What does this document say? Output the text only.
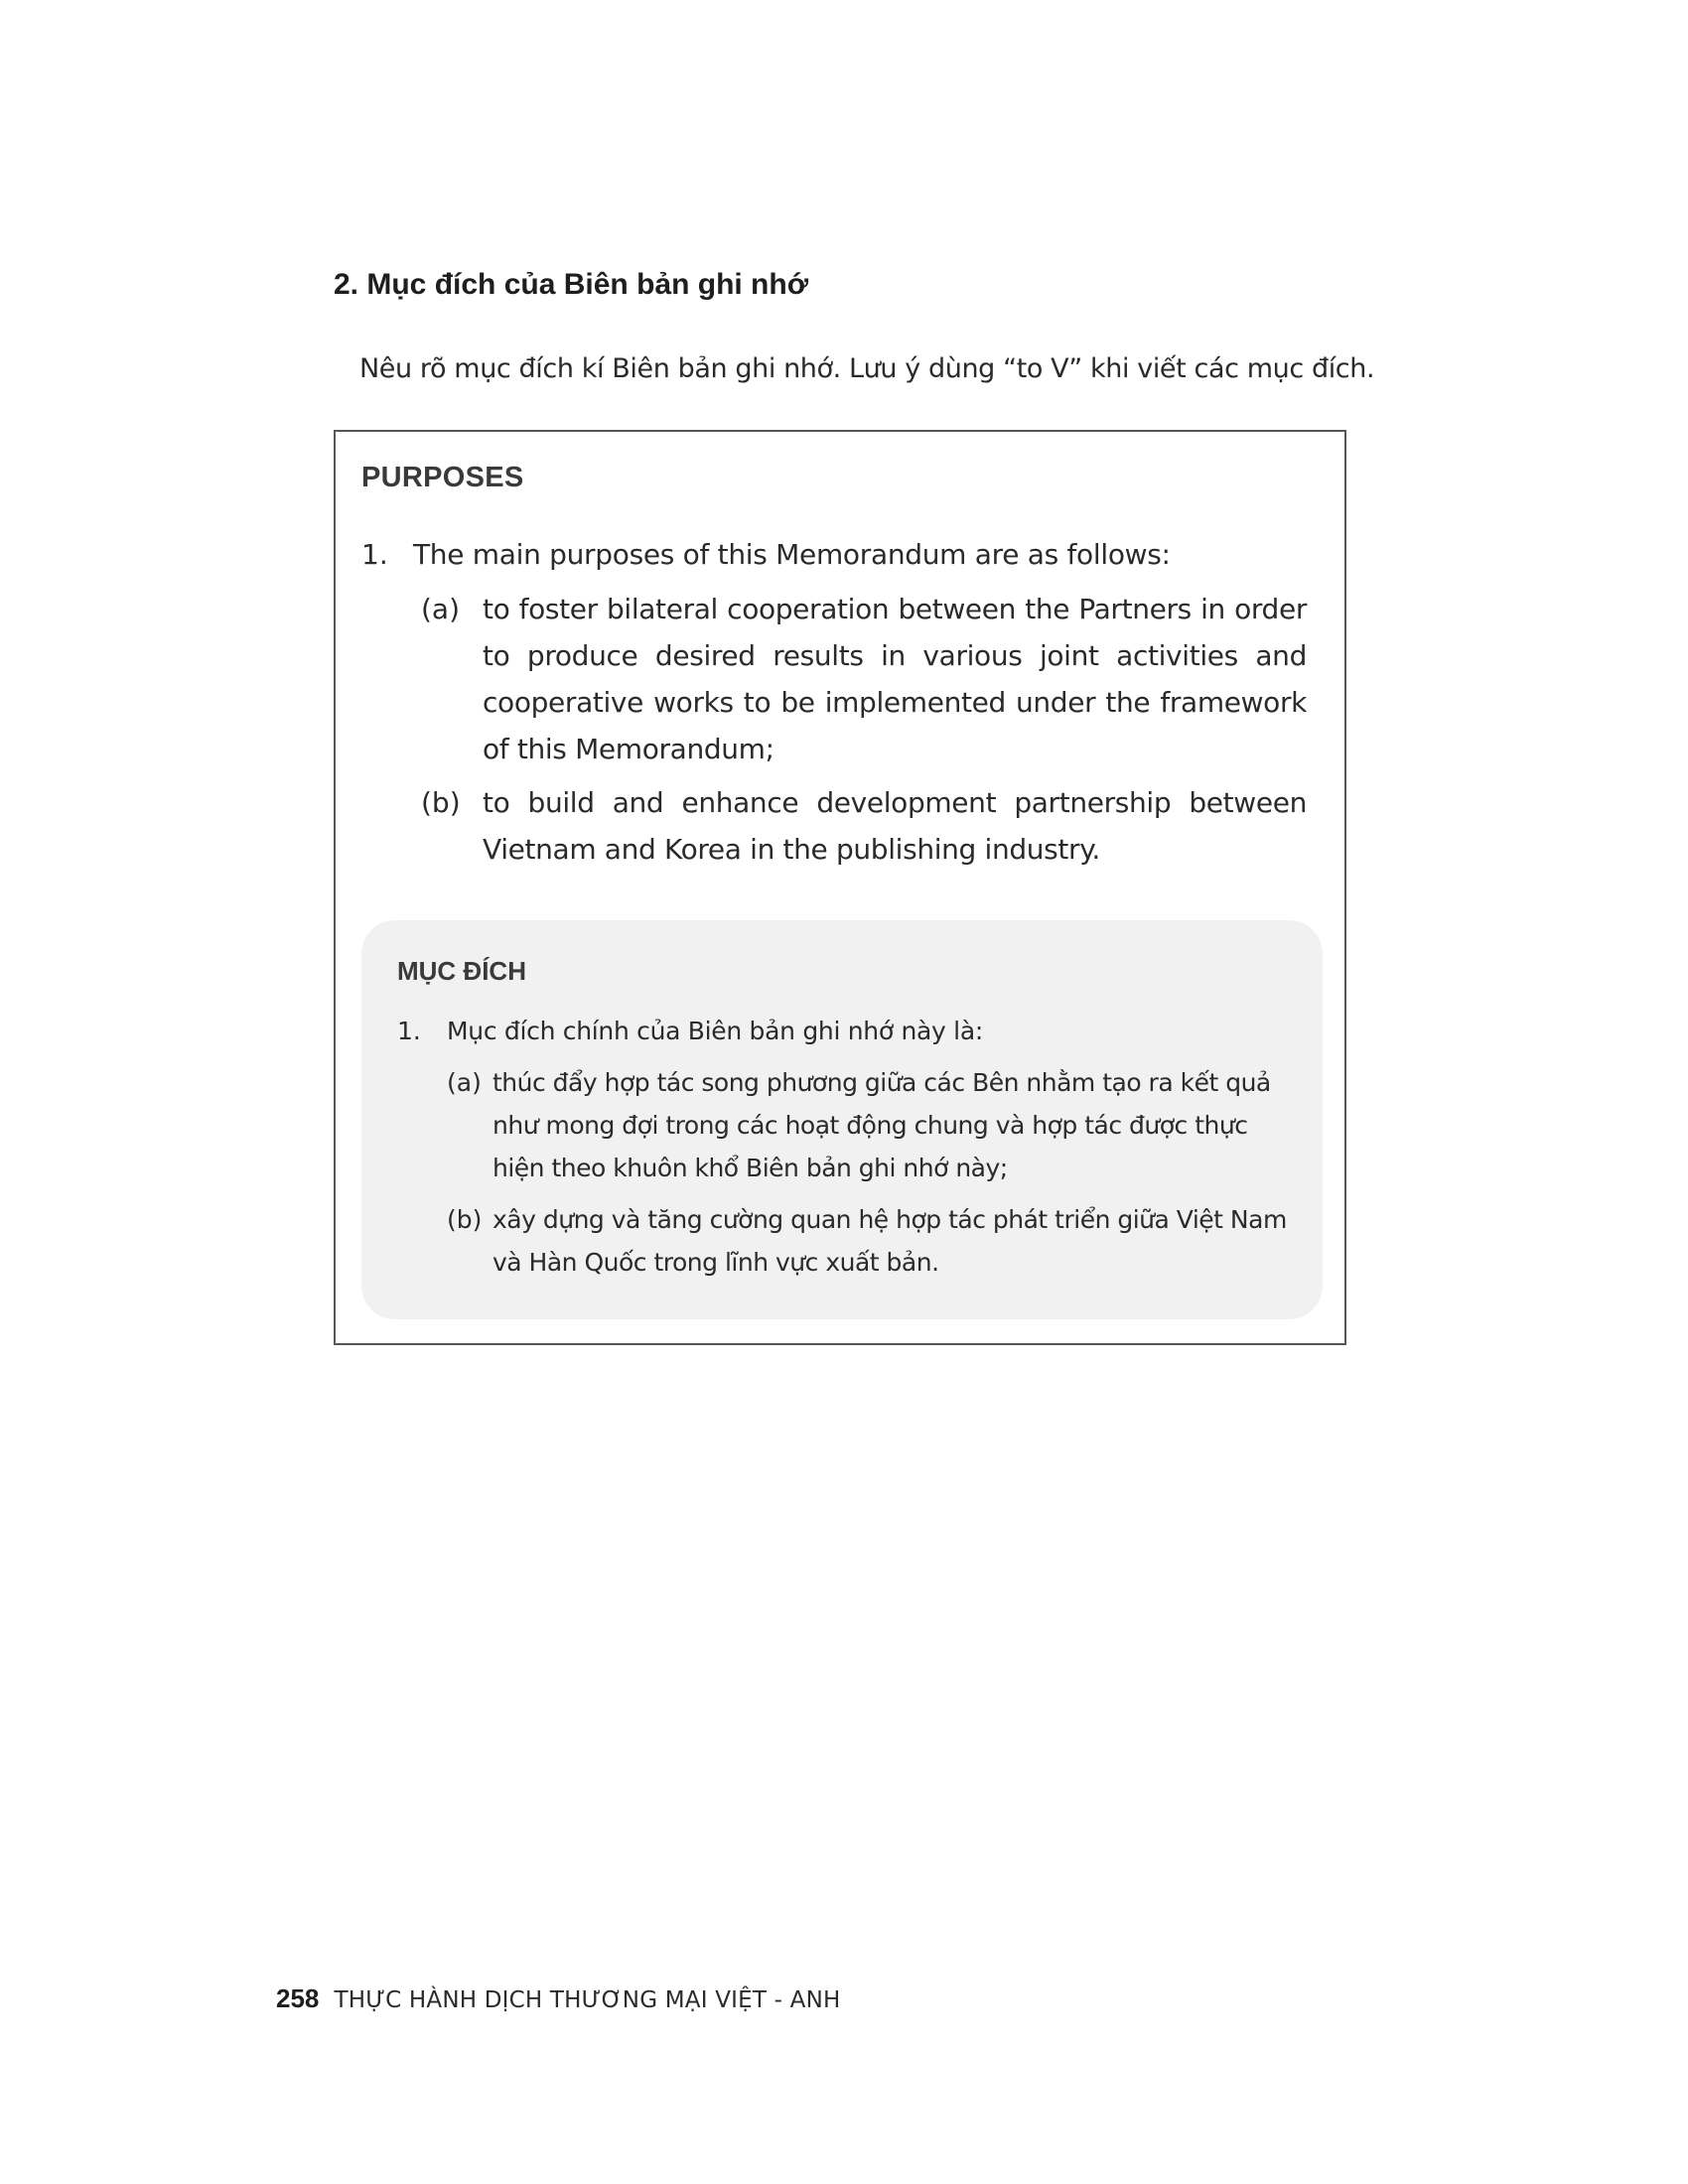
2. Mục đích của Biên bản ghi nhớ

Nêu rõ mục đích kí Biên bản ghi nhớ. Lưu ý dùng “to V” khi viết các mục đích.

PURPOSES
1. The main purposes of this Memorandum are as follows:
(a) to foster bilateral cooperation between the Partners in order to produce desired results in various joint activities and cooperative works to be implemented under the framework of this Memorandum;
(b) to build and enhance development partnership between Vietnam and Korea in the publishing industry.
MỤC ĐÍCH
1. Mục đích chính của Biên bản ghi nhớ này là:
(a) thúc đẩy hợp tác song phương giữa các Bên nhằm tạo ra kết quả như mong đợi trong các hoạt động chung và hợp tác được thực hiện theo khuôn khổ Biên bản ghi nhớ này;
(b) xây dựng và tăng cường quan hệ hợp tác phát triển giữa Việt Nam và Hàn Quốc trong lĩnh vực xuất bản.
258 THỰC HÀNH DỊCH THƯƠNG MẠI VIỆT - ANH
